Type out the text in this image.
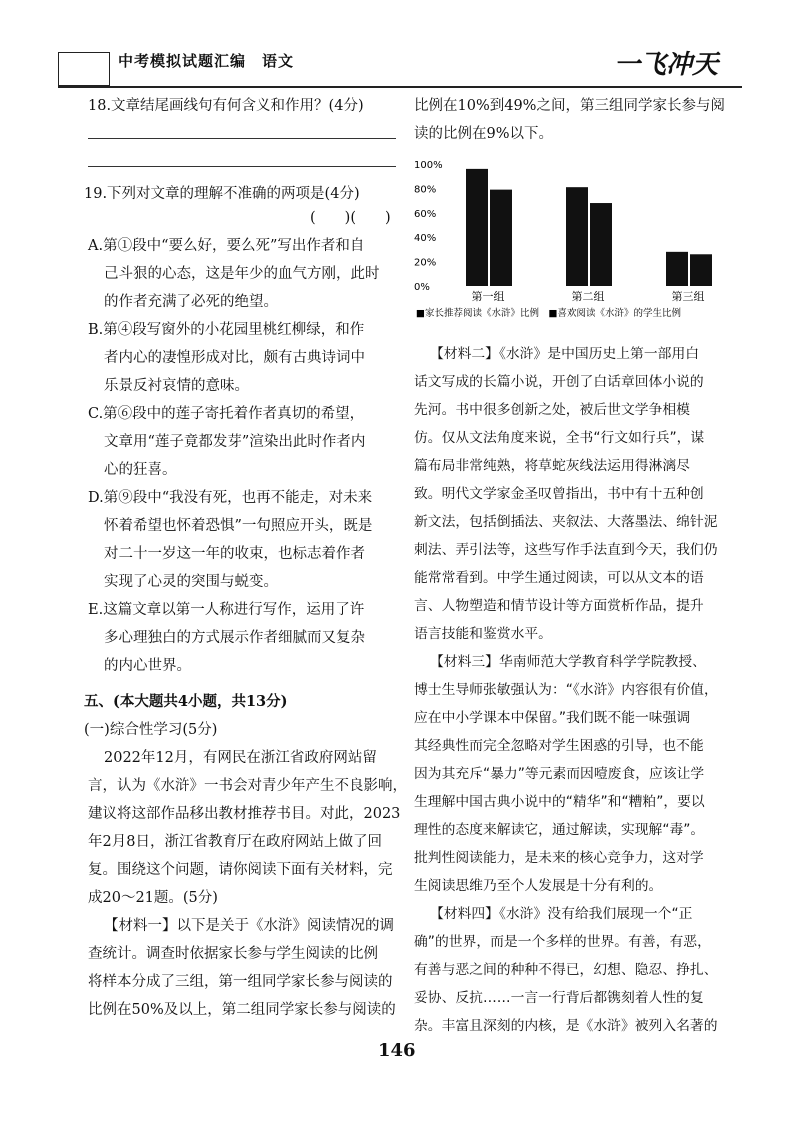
中考模拟试题汇编　语文	一飞冲天
18.文章结尾画线句有何含义和作用？(4分)
19.下列对文章的理解不准确的两项是(4分)
(　　)(　　)
A.第①段中“要么好，要么死”写出作者和自
己斗狠的心态，这是年少的血气方刚，此时
的作者充满了必死的绝望。
B.第④段写窗外的小花园里桃红柳绿，和作
者内心的凄惶形成对比，颇有古典诗词中
乐景反衬哀情的意味。
C.第⑥段中的莲子寄托着作者真切的希望，
文章用“莲子竟都发芽”渲染出此时作者内
心的狂喜。
D.第⑨段中“我没有死，也再不能走，对未来
怀着希望也怀着恐惧”一句照应开头，既是
对二十一岁这一年的收束，也标志着作者
实现了心灵的突围与蜕变。
E.这篇文章以第一人称进行写作，运用了许
多心理独白的方式展示作者细腻而又复杂
的内心世界。
五、(本大题共4小题，共13分)
(一)综合性学习(5分)
2022年12月，有网民在浙江省政府网站留
言，认为《水浒》一书会对青少年产生不良影响，
建议将这部作品移出教材推荐书目。对此，2023
年2月8日，浙江省教育厅在政府网站上做了回
复。围绕这个问题，请你阅读下面有关材料，完
成20～21题。(5分)
【材料一】以下是关于《水浒》阅读情况的调
查统计。调查时依据家长参与学生阅读的比例
将样本分成了三组，第一组同学家长参与阅读的
比例在50%及以上，第二组同学家长参与阅读的
比例在10%到49%之间，第三组同学家长参与阅
读的比例在9%以下。
【材料二】《水浒》是中国历史上第一部用白
话文写成的长篇小说，开创了白话章回体小说的
先河。书中很多创新之处，被后世文学争相模
仿。仅从文法角度来说，全书“行文如行兵”，谋
篇布局非常纯熟，将草蛇灰线法运用得淋漓尽
致。明代文学家金圣叹曾指出，书中有十五种创
新文法，包括倒插法、夹叙法、大落墨法、绵针泥
刺法、弄引法等，这些写作手法直到今天，我们仍
能常常看到。中学生通过阅读，可以从文本的语
言、人物塑造和情节设计等方面赏析作品，提升
语言技能和鉴赏水平。
【材料三】华南师范大学教育科学学院教授、
博士生导师张敏强认为：“《水浒》内容很有价值，
应在中小学课本中保留。”我们既不能一味强调
其经典性而完全忽略对学生困惑的引导，也不能
因为其充斥“暴力”等元素而因噎废食，应该让学
生理解中国古典小说中的“精华”和“糟粕”，要以
理性的态度来解读它，通过解读，实现解“毒”。
批判性阅读能力，是未来的核心竞争力，这对学
生阅读思维乃至个人发展是十分有利的。
【材料四】《水浒》没有给我们展现一个“正
确”的世界，而是一个多样的世界。有善，有恶，
有善与恶之间的种种不得已，幻想、隐忍、挣扎、
妥协、反抗……一言一行背后都镌刻着人性的复
杂。丰富且深刻的内核，是《水浒》被列入名著的
100%
80%
60%
40%
20%
0%
第一组	第二组	第三组
■家长推荐阅读《水浒》比例　■喜欢阅读《水浒》的学生比例
146
